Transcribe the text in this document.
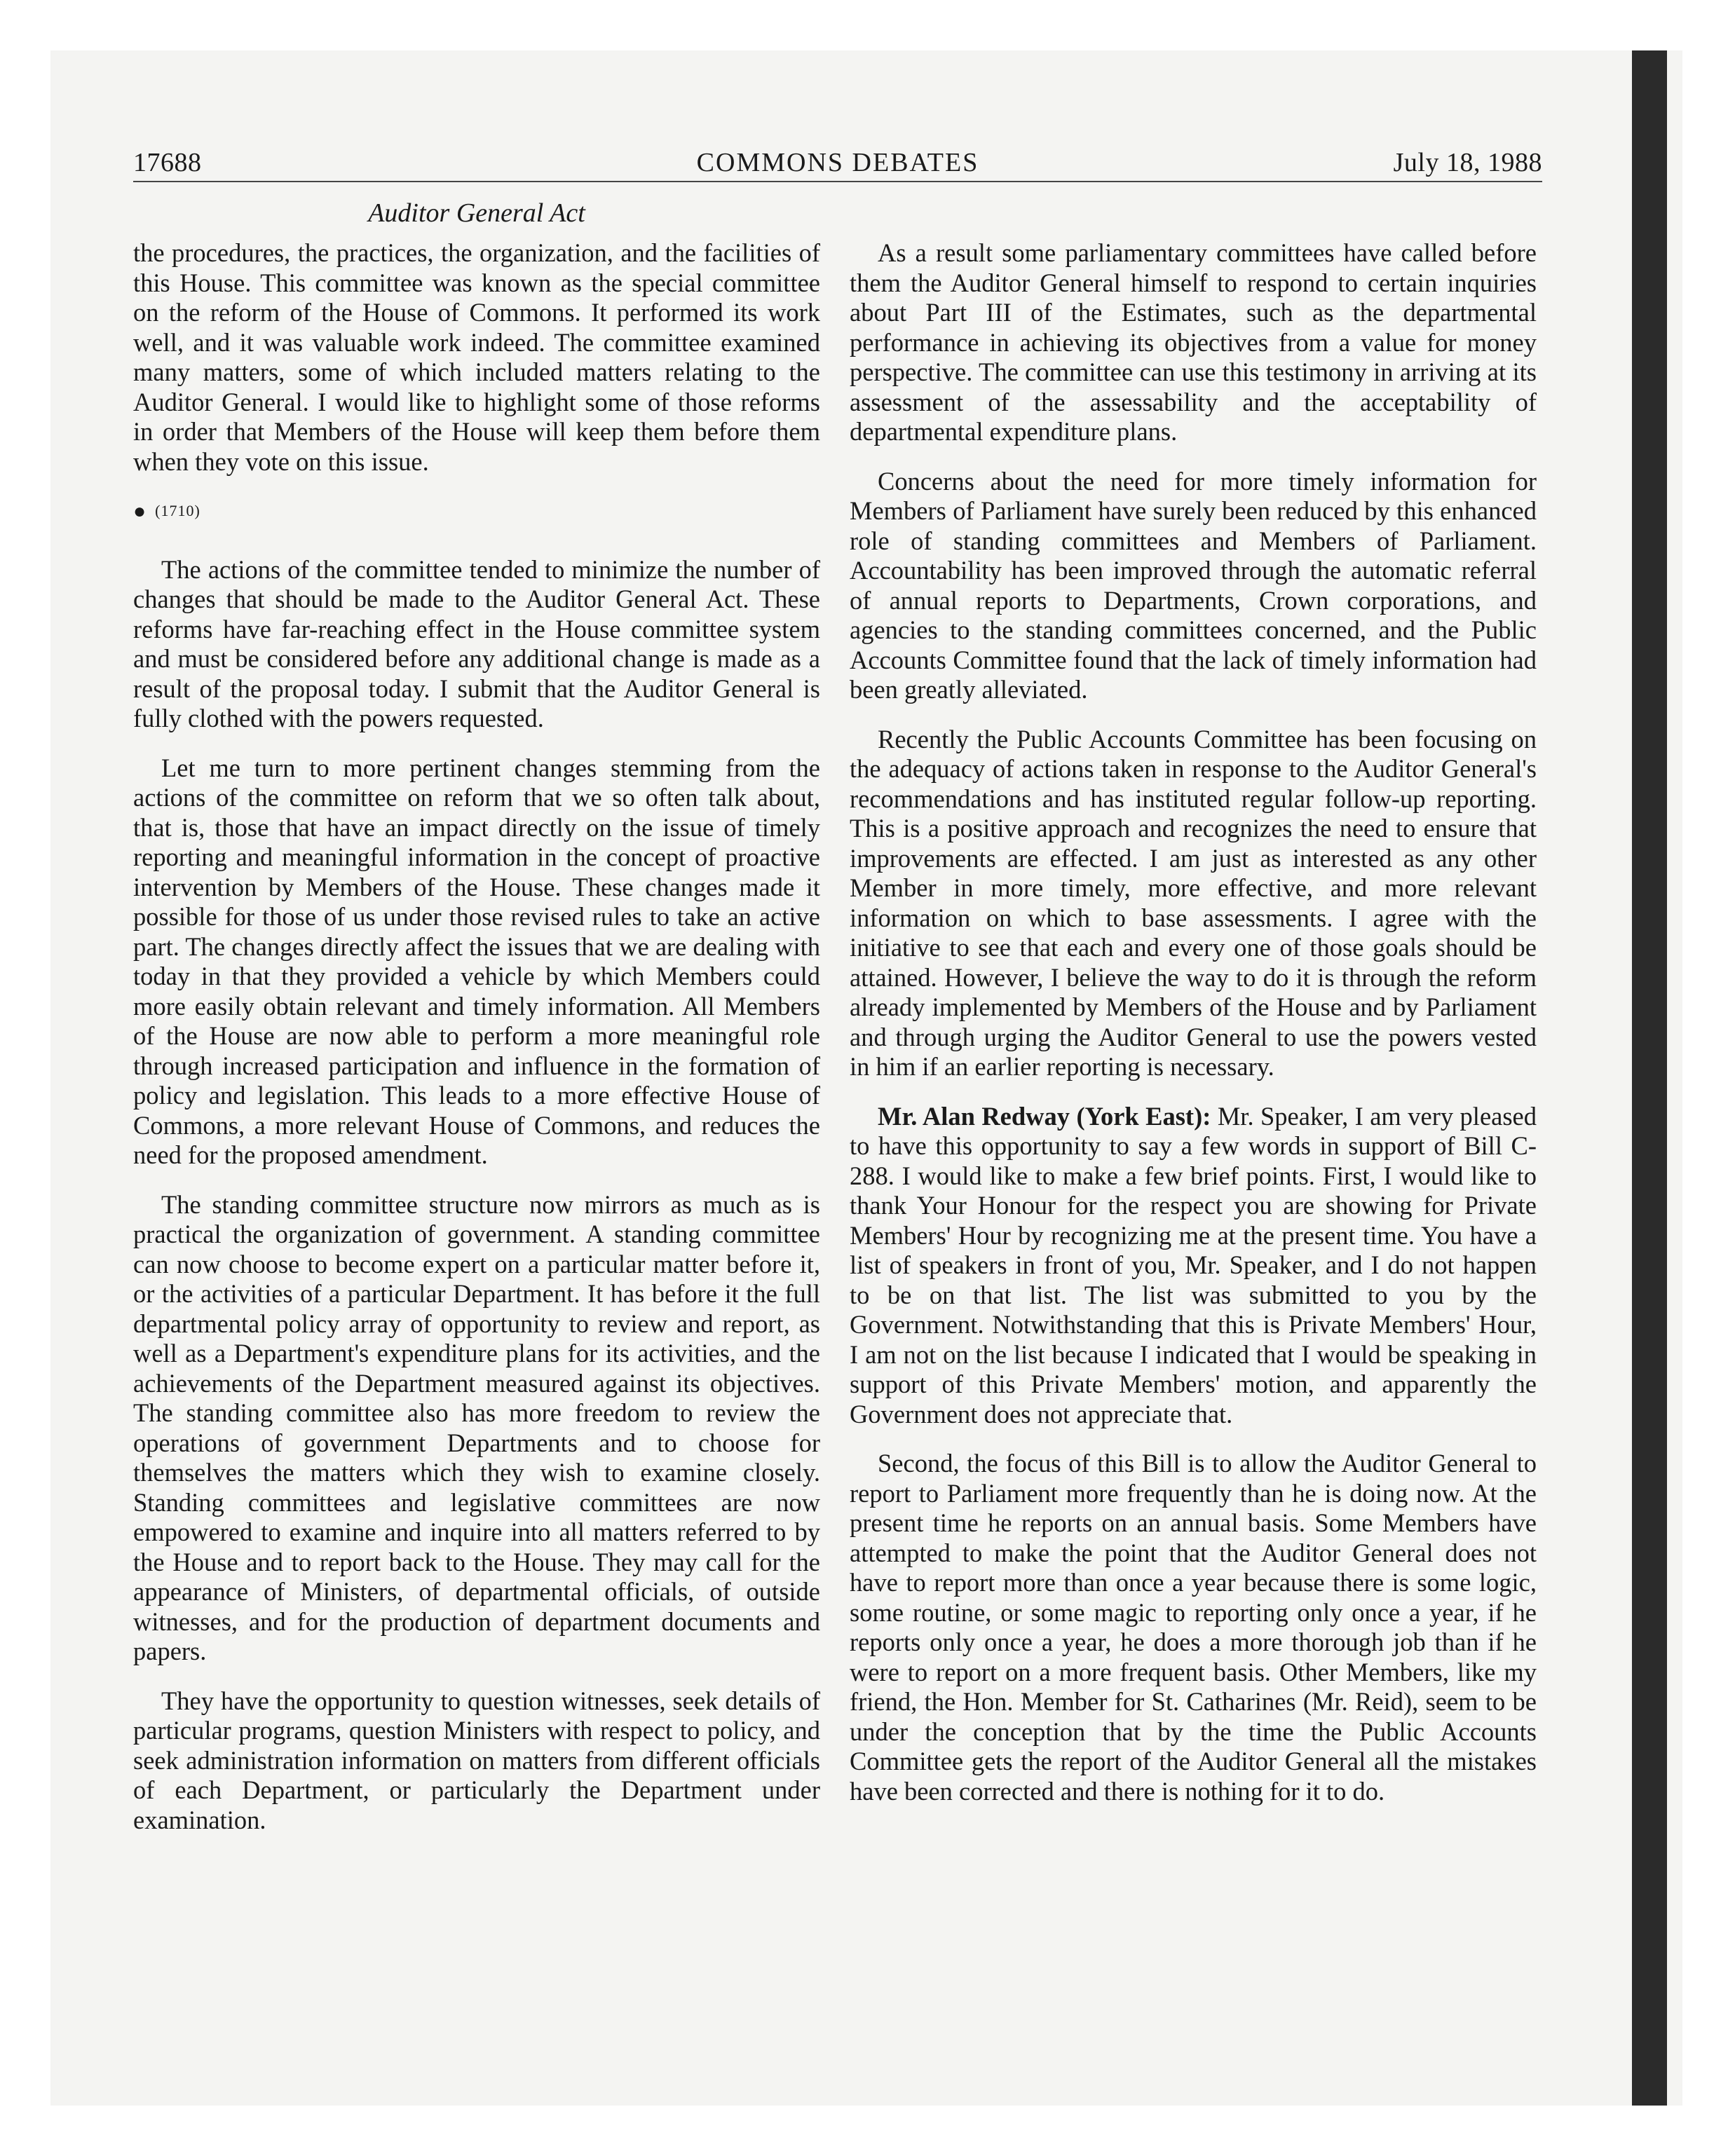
17688	COMMONS DEBATES	July 18, 1988
Auditor General Act

the procedures, the practices, the organization, and the facilities of this House. This committee was known as the special committee on the reform of the House of Commons. It performed its work well, and it was valuable work indeed. The committee examined many matters, some of which included matters relating to the Auditor General. I would like to highlight some of those reforms in order that Members of the House will keep them before them when they vote on this issue.

● (1710)

The actions of the committee tended to minimize the number of changes that should be made to the Auditor General Act. These reforms have far-reaching effect in the House committee system and must be considered before any additional change is made as a result of the proposal today. I submit that the Auditor General is fully clothed with the powers requested.

Let me turn to more pertinent changes stemming from the actions of the committee on reform that we so often talk about, that is, those that have an impact directly on the issue of timely reporting and meaningful information in the concept of proactive intervention by Members of the House. These changes made it possible for those of us under those revised rules to take an active part. The changes directly affect the issues that we are dealing with today in that they provided a vehicle by which Members could more easily obtain relevant and timely information. All Members of the House are now able to perform a more meaningful role through increased participation and influence in the formation of policy and legislation. This leads to a more effective House of Commons, a more relevant House of Commons, and reduces the need for the proposed amendment.

The standing committee structure now mirrors as much as is practical the organization of government. A standing committee can now choose to become expert on a particular matter before it, or the activities of a particular Department. It has before it the full departmental policy array of opportunity to review and report, as well as a Department's expenditure plans for its activities, and the achievements of the Department measured against its objectives. The standing committee also has more freedom to review the operations of government Departments and to choose for themselves the matters which they wish to examine closely. Standing committees and legislative committees are now empowered to examine and inquire into all matters referred to by the House and to report back to the House. They may call for the appearance of Ministers, of departmental officials, of outside witnesses, and for the production of department documents and papers.

They have the opportunity to question witnesses, seek details of particular programs, question Ministers with respect to policy, and seek administration information on matters from different officials of each Department, or particularly the Department under examination.

As a result some parliamentary committees have called before them the Auditor General himself to respond to certain inquiries about Part III of the Estimates, such as the departmental performance in achieving its objectives from a value for money perspective. The committee can use this testimony in arriving at its assessment of the assessability and the acceptability of departmental expenditure plans.

Concerns about the need for more timely information for Members of Parliament have surely been reduced by this enhanced role of standing committees and Members of Parliament. Accountability has been improved through the automatic referral of annual reports to Departments, Crown corporations, and agencies to the standing committees concerned, and the Public Accounts Committee found that the lack of timely information had been greatly alleviated.

Recently the Public Accounts Committee has been focusing on the adequacy of actions taken in response to the Auditor General's recommendations and has instituted regular follow-up reporting. This is a positive approach and recognizes the need to ensure that improvements are effected. I am just as interested as any other Member in more timely, more effective, and more relevant information on which to base assessments. I agree with the initiative to see that each and every one of those goals should be attained. However, I believe the way to do it is through the reform already implemented by Members of the House and by Parliament and through urging the Auditor General to use the powers vested in him if an earlier reporting is necessary.

Mr. Alan Redway (York East): Mr. Speaker, I am very pleased to have this opportunity to say a few words in support of Bill C-288. I would like to make a few brief points. First, I would like to thank Your Honour for the respect you are showing for Private Members' Hour by recognizing me at the present time. You have a list of speakers in front of you, Mr. Speaker, and I do not happen to be on that list. The list was submitted to you by the Government. Notwithstanding that this is Private Members' Hour, I am not on the list because I indicated that I would be speaking in support of this Private Members' motion, and apparently the Government does not appreciate that.

Second, the focus of this Bill is to allow the Auditor General to report to Parliament more frequently than he is doing now. At the present time he reports on an annual basis. Some Members have attempted to make the point that the Auditor General does not have to report more than once a year because there is some logic, some routine, or some magic to reporting only once a year, if he reports only once a year, he does a more thorough job than if he were to report on a more frequent basis. Other Members, like my friend, the Hon. Member for St. Catharines (Mr. Reid), seem to be under the conception that by the time the Public Accounts Committee gets the report of the Auditor General all the mistakes have been corrected and there is nothing for it to do.
